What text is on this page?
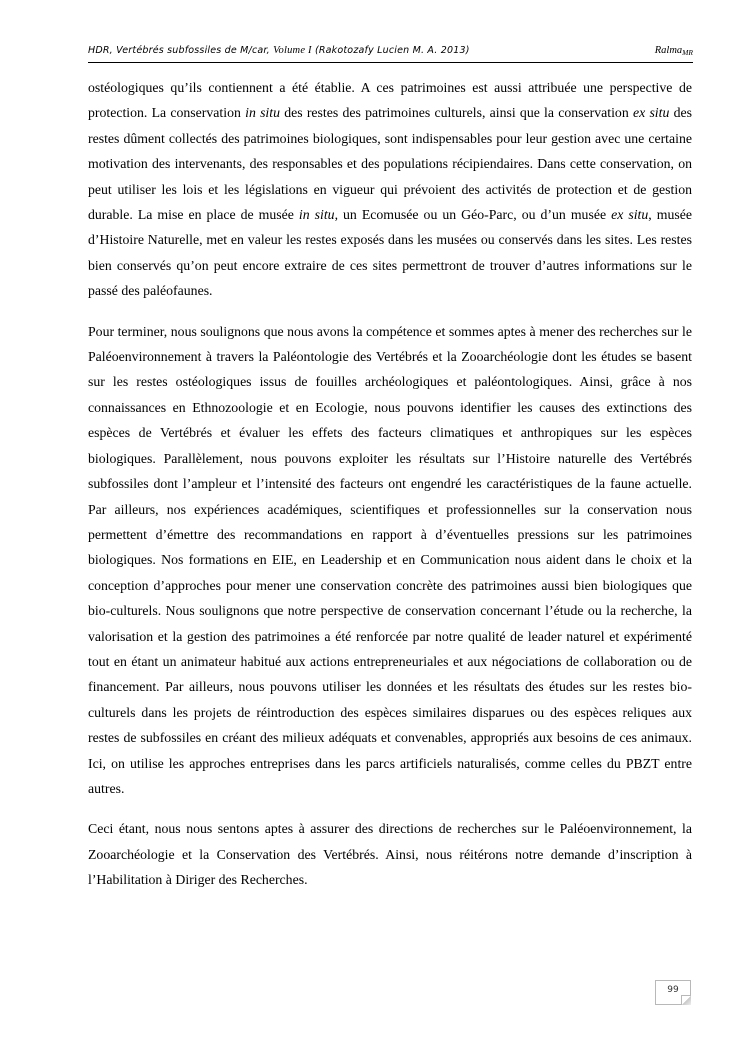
HDR, Vertébrés subfossiles de M/car, Volume I (Rakotozafy Lucien M. A. 2013)	Ralma$_{MR}$

ostéologiques qu’ils contiennent a été établie. A ces patrimoines est aussi attribuée une perspective de protection. La conservation in situ des restes des patrimoines culturels, ainsi que la conservation ex situ des restes dûment collectés des patrimoines biologiques, sont indispensables pour leur gestion avec une certaine motivation des intervenants, des responsables et des populations récipiendaires. Dans cette conservation, on peut utiliser les lois et les législations en vigueur qui prévoient des activités de protection et de gestion durable. La mise en place de musée in situ, un Ecomusée ou un Géo-Parc, ou d’un musée ex situ, musée d’Histoire Naturelle, met en valeur les restes exposés dans les musées ou conservés dans les sites. Les restes bien conservés qu’on peut encore extraire de ces sites permettront de trouver d’autres informations sur le passé des paléofaunes.

Pour terminer, nous soulignons que nous avons la compétence et sommes aptes à mener des recherches sur le Paléoenvironnement à travers la Paléontologie des Vertébrés et la Zooarchéologie dont les études se basent sur les restes ostéologiques issus de fouilles archéologiques et paléontologiques. Ainsi, grâce à nos connaissances en Ethnozoologie et en Ecologie, nous pouvons identifier les causes des extinctions des espèces de Vertébrés et évaluer les effets des facteurs climatiques et anthropiques sur les espèces biologiques. Parallèlement, nous pouvons exploiter les résultats sur l’Histoire naturelle des Vertébrés subfossiles dont l’ampleur et l’intensité des facteurs ont engendré les caractéristiques de la faune actuelle. Par ailleurs, nos expériences académiques, scientifiques et professionnelles sur la conservation nous permettent d’émettre des recommandations en rapport à d’éventuelles pressions sur les patrimoines biologiques. Nos formations en EIE, en Leadership et en Communication nous aident dans le choix et la conception d’approches pour mener une conservation concrète des patrimoines aussi bien biologiques que bio-culturels. Nous soulignons que notre perspective de conservation concernant l’étude ou la recherche, la valorisation et la gestion des patrimoines a été renforcée par notre qualité de leader naturel et expérimenté tout en étant un animateur habitué aux actions entrepreneuriales et aux négociations de collaboration ou de financement. Par ailleurs, nous pouvons utiliser les données et les résultats des études sur les restes bio-culturels dans les projets de réintroduction des espèces similaires disparues ou des espèces reliques aux restes de subfossiles en créant des milieux adéquats et convenables, appropriés aux besoins de ces animaux. Ici, on utilise les approches entreprises dans les parcs artificiels naturalisés, comme celles du PBZT entre autres.

Ceci étant, nous nous sentons aptes à assurer des directions de recherches sur le Paléoenvironnement, la Zooarchéologie et la Conservation des Vertébrés. Ainsi, nous réitérons notre demande d’inscription à l’Habilitation à Diriger des Recherches.

99
